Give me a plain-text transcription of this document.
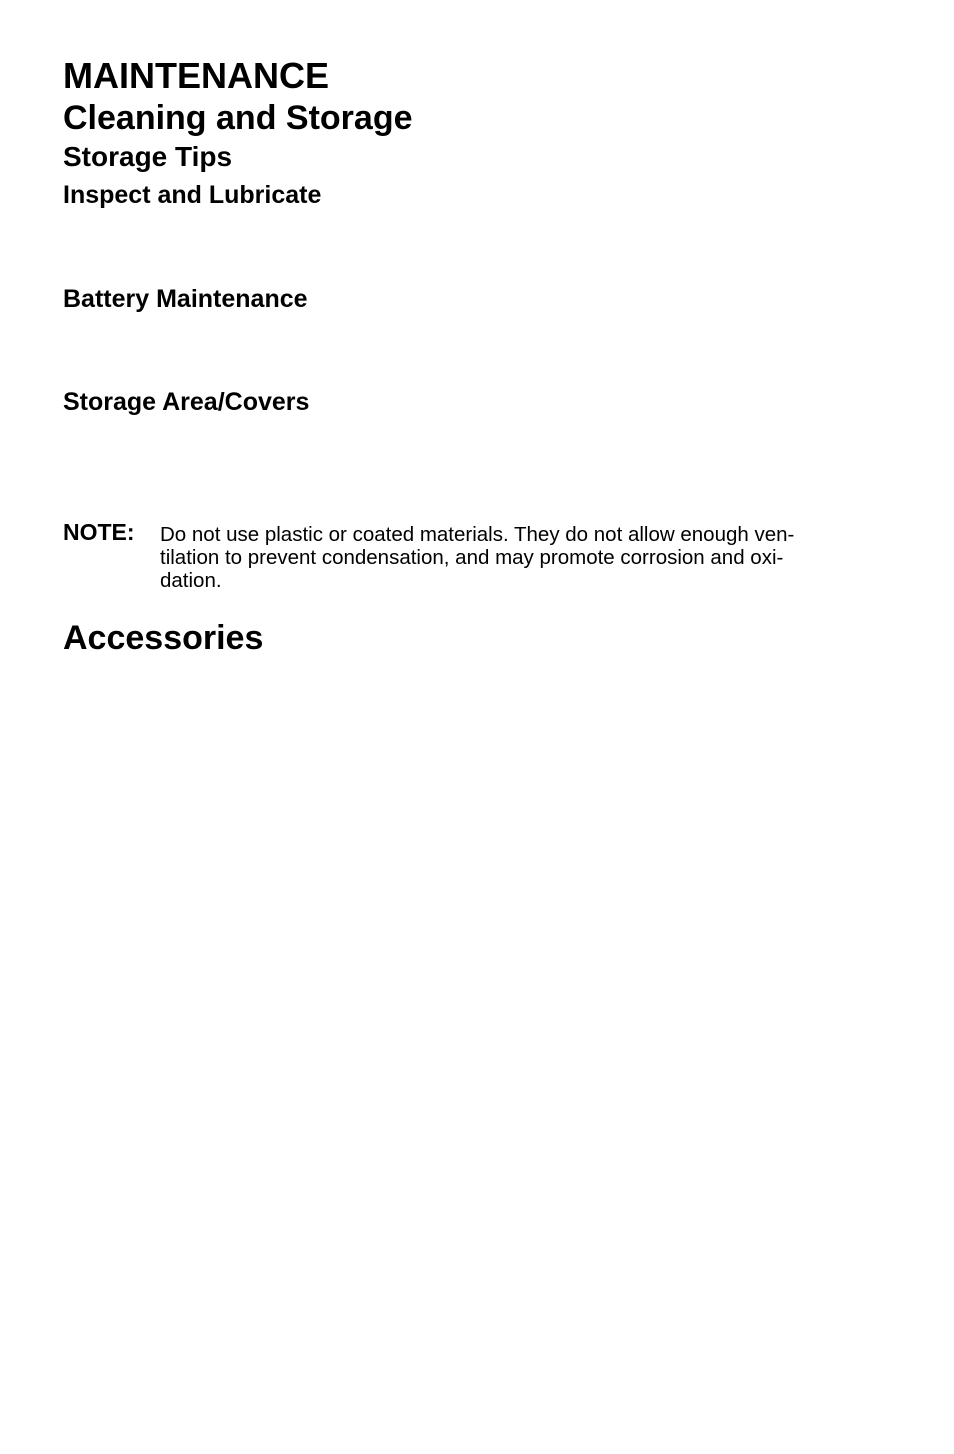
MAINTENANCE
Cleaning and Storage
Storage Tips
Inspect and Lubricate
Battery Maintenance
Storage Area/Covers
NOTE: Do not use plastic or coated materials. They do not allow enough ven-
tilation to prevent condensation, and may promote corrosion and oxi-
dation.
Accessories
